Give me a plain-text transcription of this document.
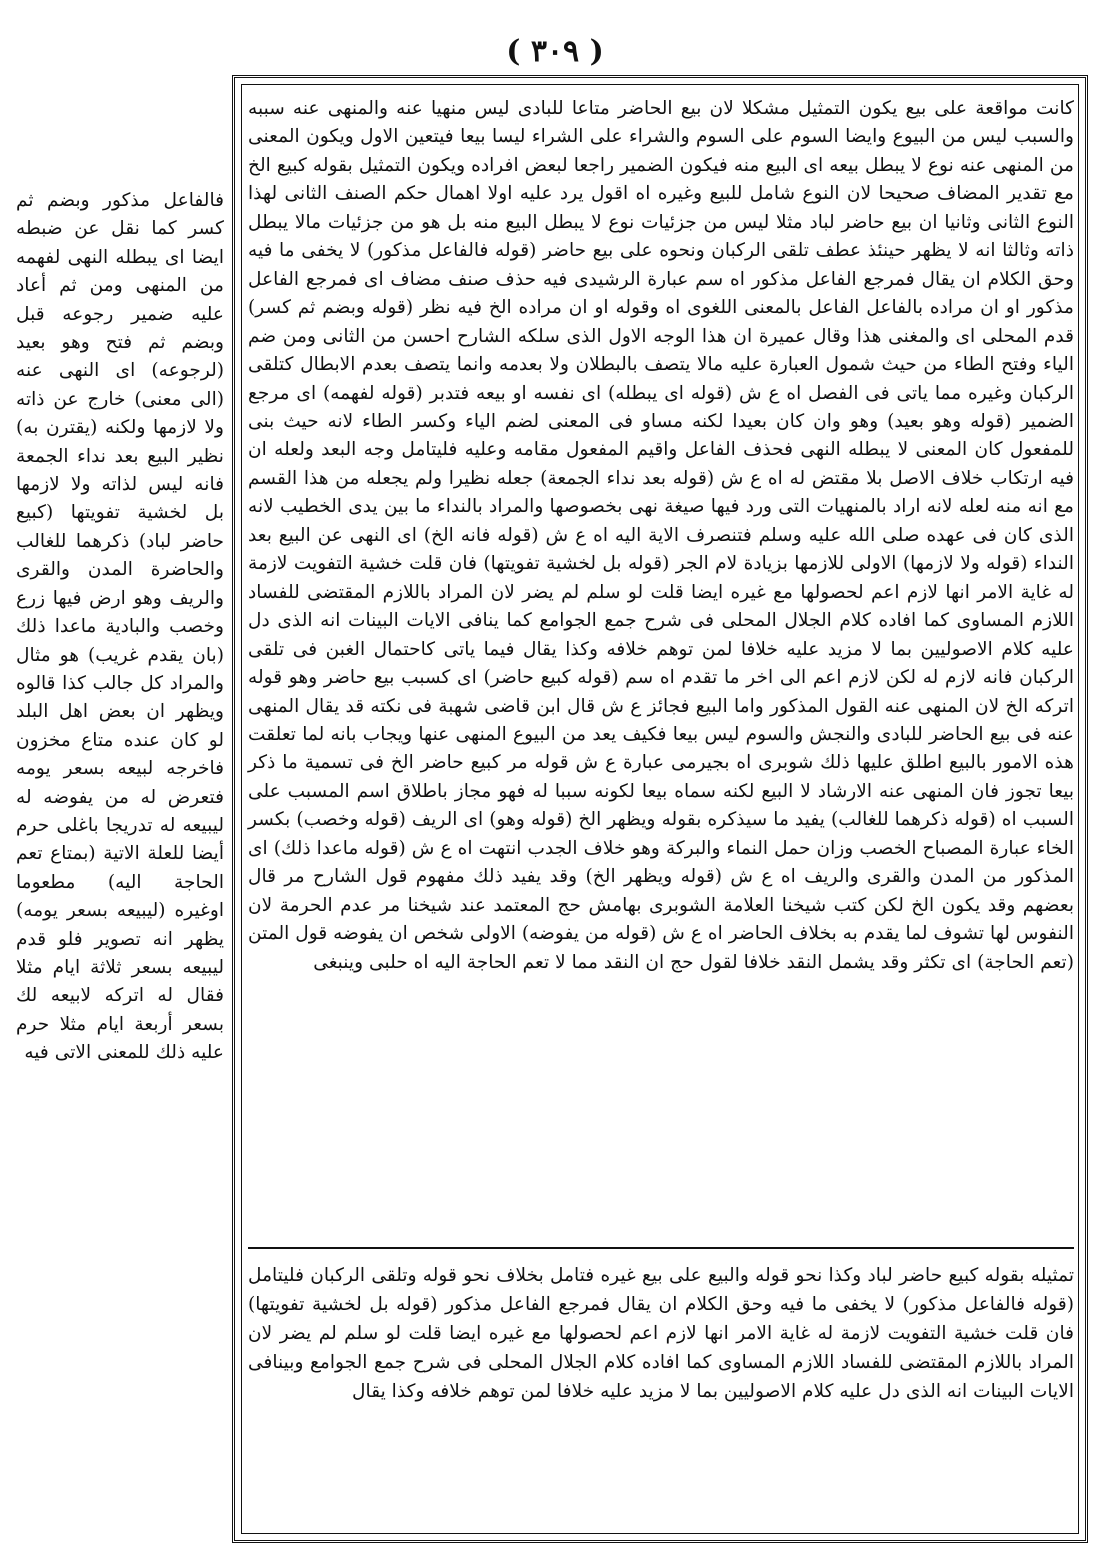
( ٣٠٩ )

كانت مواقعة على بيع يكون التمثيل مشكلا لان بيع الحاضر متاعا للبادى ليس منهيا عنه والمنهى عنه سببه والسبب ليس من البيوع وايضا السوم على السوم والشراء على الشراء ليسا بيعا فيتعين الاول ويكون المعنى من المنهى عنه نوع لا يبطل بيعه اى البيع منه فيكون الضمير راجعا لبعض افراده ويكون التمثيل بقوله كبيع الخ مع تقدير المضاف صحيحا لان النوع شامل للبيع وغيره اه اقول يرد عليه اولا اهمال حكم الصنف الثانى لهذا النوع الثانى وثانيا ان بيع حاضر لباد مثلا ليس من جزئيات نوع لا يبطل البيع منه بل هو من جزئيات مالا يبطل ذاته وثالثا انه لا يظهر حينئذ عطف تلقى الركبان ونحوه على بيع حاضر (قوله فالفاعل مذكور) لا يخفى ما فيه وحق الكلام ان يقال فمرجع الفاعل مذكور اه سم عبارة الرشيدى فيه حذف صنف مضاف اى فمرجع الفاعل مذكور او ان مراده بالفاعل الفاعل بالمعنى اللغوى اه وقوله او ان مراده الخ فيه نظر (قوله وبضم ثم كسر) قدم المحلى اى والمغنى هذا وقال عميرة ان هذا الوجه الاول الذى سلكه الشارح احسن من الثانى ومن ضم الياء وفتح الطاء من حيث شمول العبارة عليه مالا يتصف بالبطلان ولا بعدمه وانما يتصف بعدم الابطال كتلقى الركبان وغيره مما ياتى فى الفصل اه ع ش (قوله اى يبطله) اى نفسه او بيعه فتدبر (قوله لفهمه) اى مرجع الضمير (قوله وهو بعيد) وهو وان كان بعيدا لكنه مساو فى المعنى لضم الياء وكسر الطاء لانه حيث بنى للمفعول كان المعنى لا يبطله النهى فحذف الفاعل واقيم المفعول مقامه وعليه فليتامل وجه البعد ولعله ان فيه ارتكاب خلاف الاصل بلا مقتض له اه ع ش (قوله بعد نداء الجمعة) جعله نظيرا ولم يجعله من هذا القسم مع انه منه لعله لانه اراد بالمنهيات التى ورد فيها صيغة نهى بخصوصها والمراد بالنداء ما بين يدى الخطيب لانه الذى كان فى عهده صلى الله عليه وسلم فتنصرف الاية اليه اه ع ش (قوله فانه الخ) اى النهى عن البيع بعد النداء (قوله ولا لازمها) الاولى للازمها بزيادة لام الجر (قوله بل لخشية تفويتها) فان قلت خشية التفويت لازمة له غاية الامر انها لازم اعم لحصولها مع غيره ايضا قلت لو سلم لم يضر لان المراد باللازم المقتضى للفساد اللازم المساوى كما افاده كلام الجلال المحلى فى شرح جمع الجوامع كما ينافى الايات البينات انه الذى دل عليه كلام الاصوليين بما لا مزيد عليه خلافا لمن توهم خلافه وكذا يقال فيما ياتى كاحتمال الغبن فى تلقى الركبان فانه لازم له لكن لازم اعم الى اخر ما تقدم اه سم (قوله كبيع حاضر) اى كسبب بيع حاضر وهو قوله اتركه الخ لان المنهى عنه القول المذكور واما البيع فجائز ع ش قال ابن قاضى شهبة فى نكته قد يقال المنهى عنه فى بيع الحاضر للبادى والنجش والسوم ليس بيعا فكيف يعد من البيوع المنهى عنها ويجاب بانه لما تعلقت هذه الامور بالبيع اطلق عليها ذلك شوبرى اه بجيرمى عبارة ع ش قوله مر كبيع حاضر الخ فى تسمية ما ذكر بيعا تجوز فان المنهى عنه الارشاد لا البيع لكنه سماه بيعا لكونه سببا له فهو مجاز باطلاق اسم المسبب على السبب اه (قوله ذكرهما للغالب) يفيد ما سيذكره بقوله ويظهر الخ (قوله وهو) اى الريف (قوله وخصب) بكسر الخاء عبارة المصباح الخصب وزان حمل النماء والبركة وهو خلاف الجدب انتهت اه ع ش (قوله ماعدا ذلك) اى المذكور من المدن والقرى والريف اه ع ش (قوله ويظهر الخ) وقد يفيد ذلك مفهوم قول الشارح مر قال بعضهم وقد يكون الخ لكن كتب شيخنا العلامة الشوبرى بهامش حج المعتمد عند شيخنا مر عدم الحرمة لان النفوس لها تشوف لما يقدم به بخلاف الحاضر اه ع ش (قوله من يفوضه) الاولى شخص ان يفوضه قول المتن (تعم الحاجة) اى تكثر وقد يشمل النقد خلافا لقول حج ان النقد مما لا تعم الحاجة اليه اه حلبى وينبغى

تمثيله بقوله كبيع حاضر لباد وكذا نحو قوله والبيع على بيع غيره فتامل بخلاف نحو قوله وتلقى الركبان فليتامل (قوله فالفاعل مذكور) لا يخفى ما فيه وحق الكلام ان يقال فمرجع الفاعل مذكور (قوله بل لخشية تفويتها) فان قلت خشية التفويت لازمة له غاية الامر انها لازم اعم لحصولها مع غيره ايضا قلت لو سلم لم يضر لان المراد باللازم المقتضى للفساد اللازم المساوى كما افاده كلام الجلال المحلى فى شرح جمع الجوامع وبينافى الايات البينات انه الذى دل عليه كلام الاصوليين بما لا مزيد عليه خلافا لمن توهم خلافه وكذا يقال

فالفاعل مذكور وبضم ثم كسر كما نقل عن ضبطه ايضا اى يبطله النهى لفهمه من المنهى ومن ثم أعاد عليه ضمير رجوعه قبل وبضم ثم فتح وهو بعيد (لرجوعه) اى النهى عنه (الى معنى) خارج عن ذاته ولا لازمها ولكنه (يقترن به) نظير البيع بعد نداء الجمعة فانه ليس لذاته ولا لازمها بل لخشية تفويتها (كبيع حاضر لباد) ذكرهما للغالب والحاضرة المدن والقرى والريف وهو ارض فيها زرع وخصب والبادية ماعدا ذلك (بان يقدم غريب) هو مثال والمراد كل جالب كذا قالوه ويظهر ان بعض اهل البلد لو كان عنده متاع مخزون فاخرجه لبيعه بسعر يومه فتعرض له من يفوضه له ليبيعه له تدريجا باغلى حرم أيضا للعلة الاتية (بمتاع تعم الحاجة اليه) مطعوما اوغيره (ليبيعه بسعر يومه) يظهر انه تصوير فلو قدم ليبيعه بسعر ثلاثة ايام مثلا فقال له اتركه لابيعه لك بسعر أربعة ايام مثلا حرم عليه ذلك للمعنى الاتى فيه
